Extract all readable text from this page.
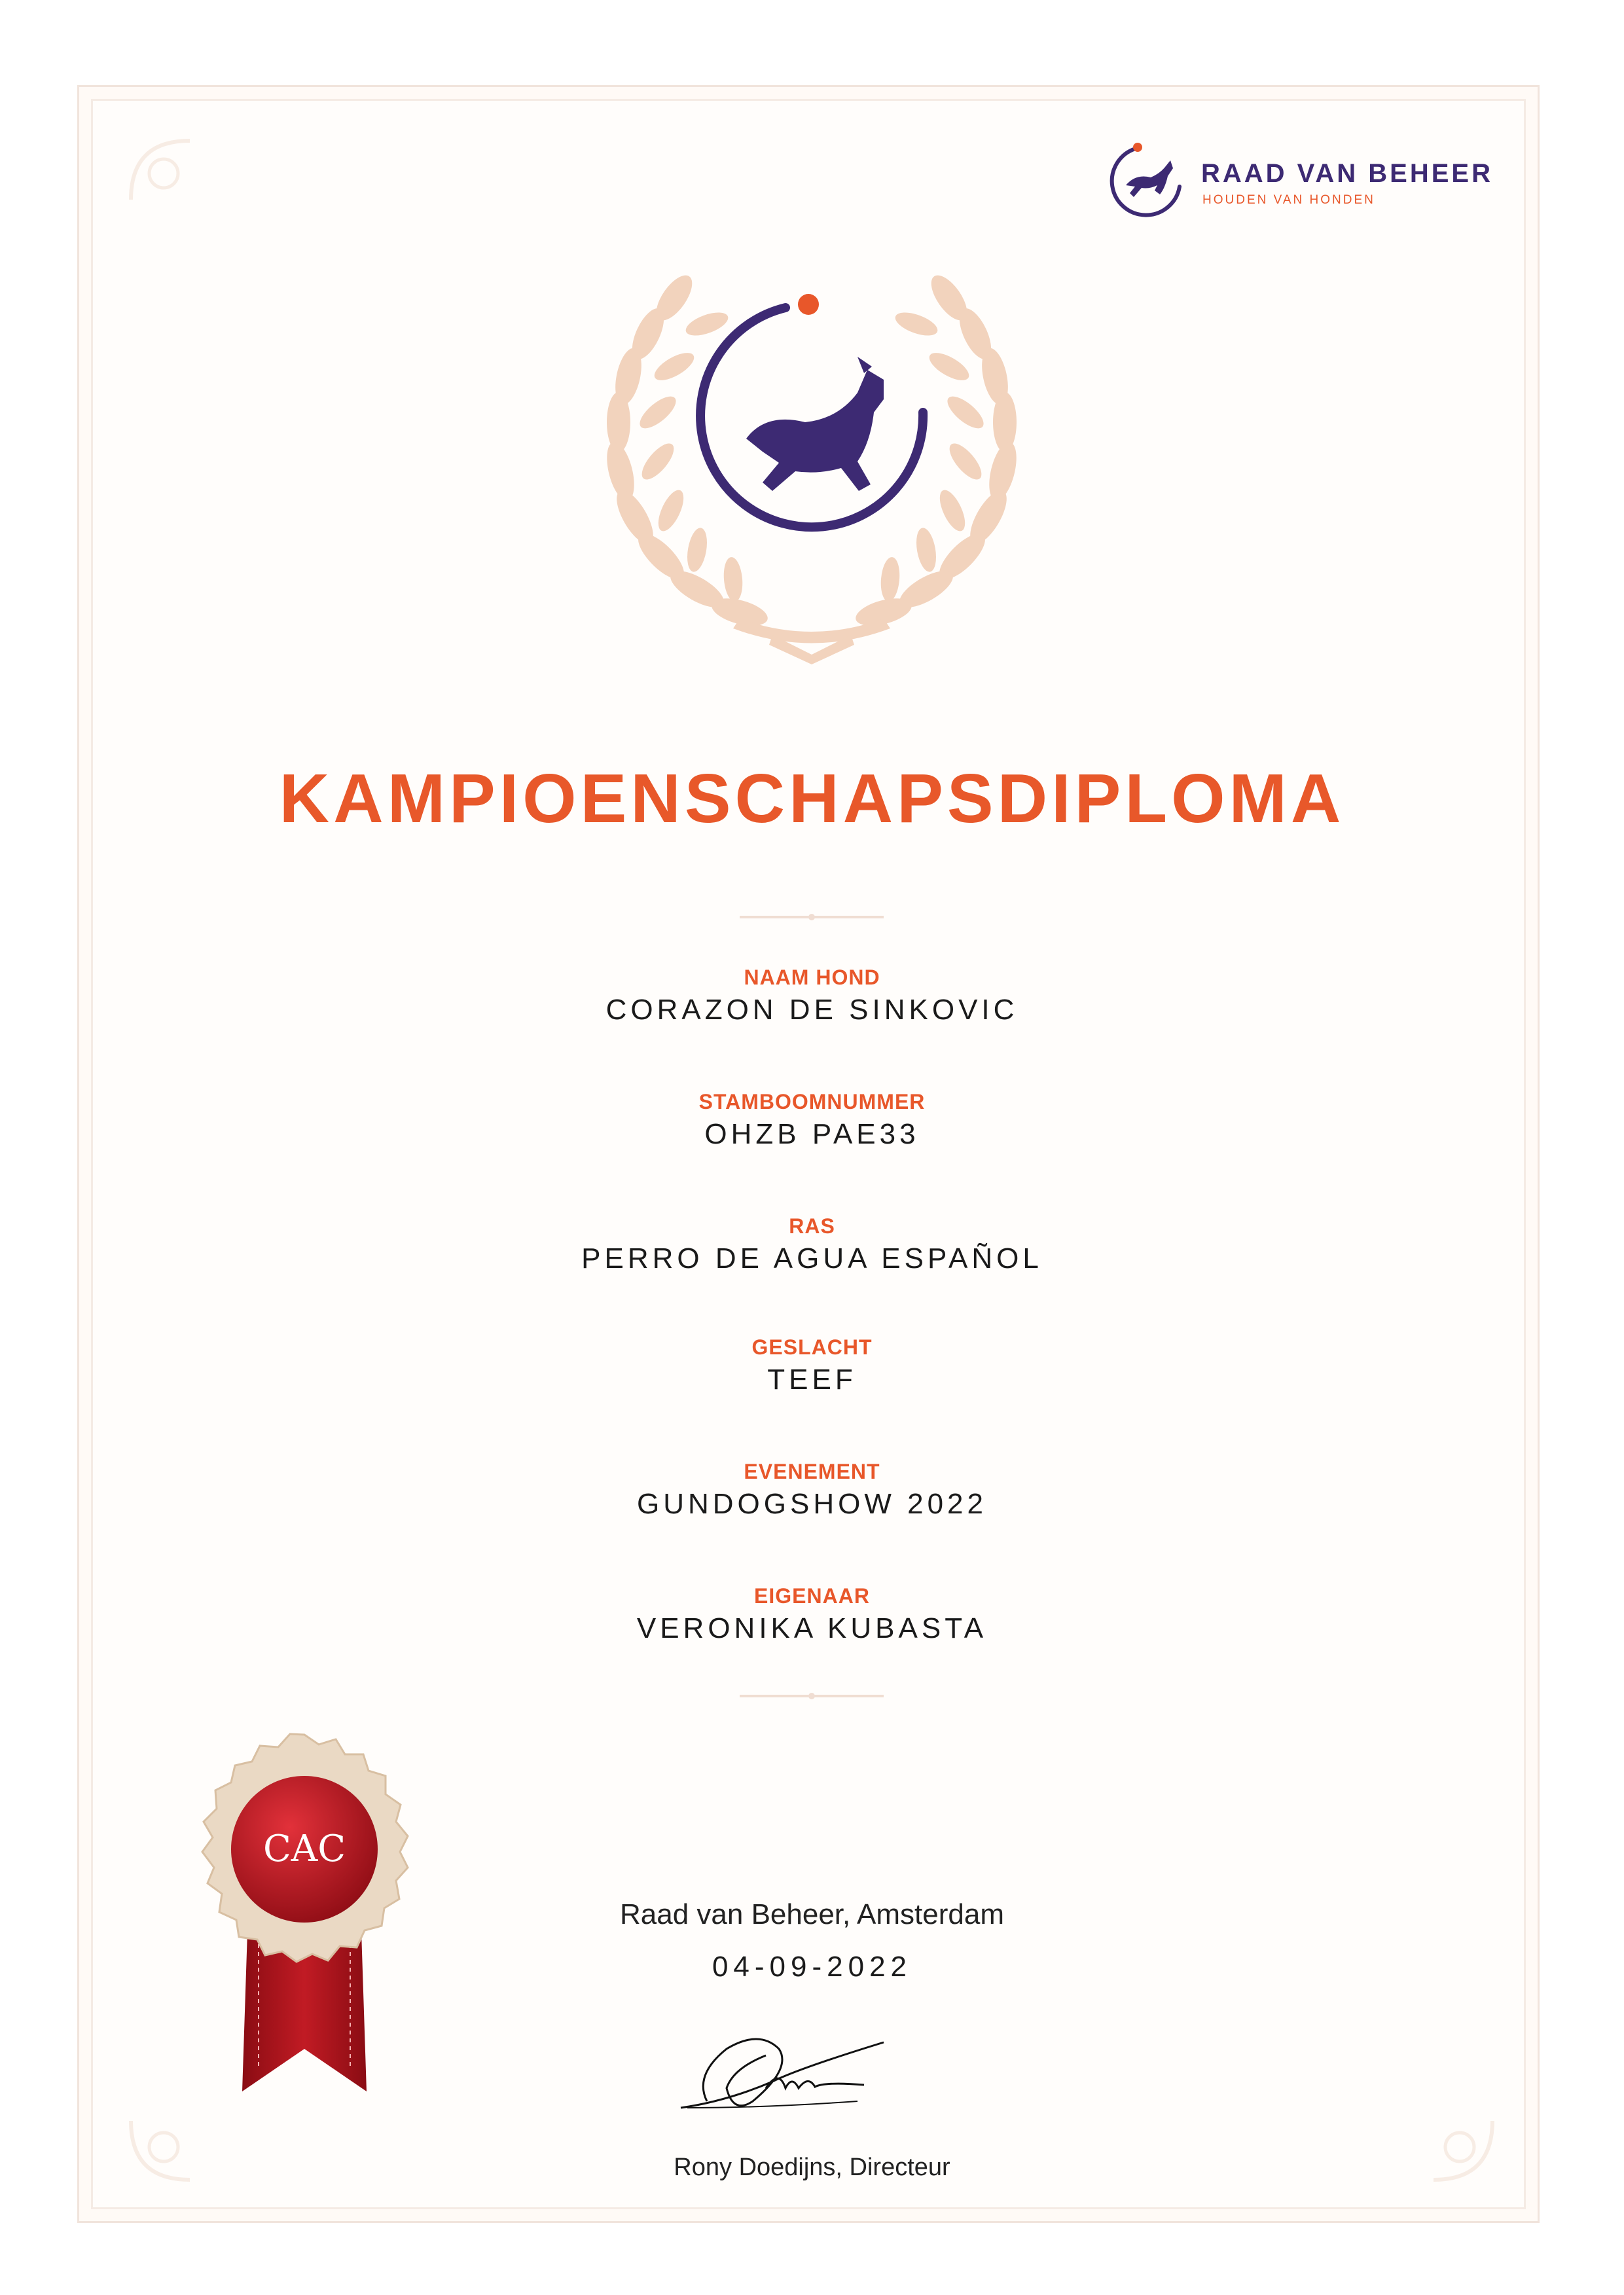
RAAD VAN BEHEER
HOUDEN VAN HONDEN
KAMPIOENSCHAPSDIPLOMA
NAAM HOND
CORAZON DE SINKOVIC
STAMBOOMNUMMER
OHZB PAE33
RAS
PERRO DE AGUA ESPAÑOL
GESLACHT
TEEF
EVENEMENT
GUNDOGSHOW 2022
EIGENAAR
VERONIKA KUBASTA
CAC
Raad van Beheer, Amsterdam
04-09-2022
Rony Doedijns, Directeur
